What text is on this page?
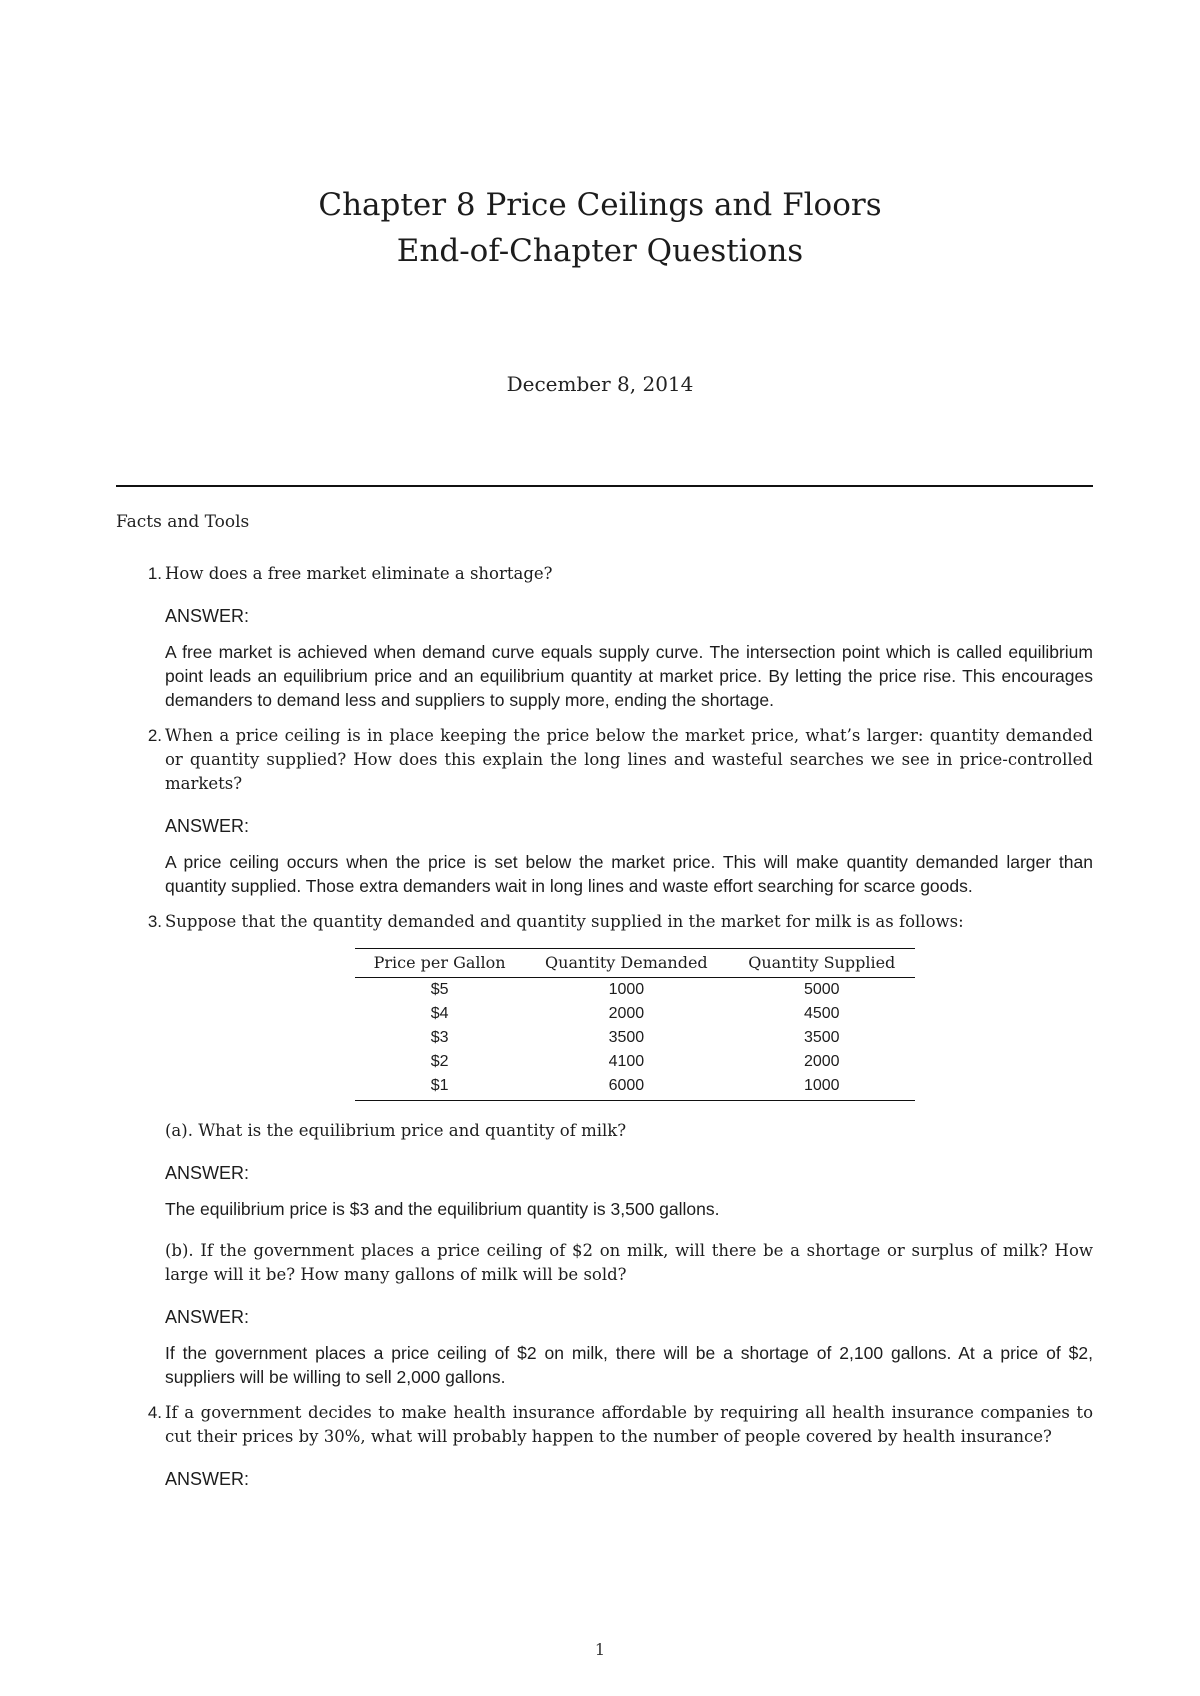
Chapter 8 Price Ceilings and Floors
End-of-Chapter Questions
December 8, 2014
Facts and Tools
1. How does a free market eliminate a shortage?
ANSWER:
A free market is achieved when demand curve equals supply curve. The intersection point which is called equilibrium point leads an equilibrium price and an equilibrium quantity at market price. By letting the price rise. This encourages demanders to demand less and suppliers to supply more, ending the shortage.
2. When a price ceiling is in place keeping the price below the market price, what’s larger: quantity demanded or quantity supplied? How does this explain the long lines and wasteful searches we see in price-controlled markets?
ANSWER:
A price ceiling occurs when the price is set below the market price. This will make quantity demanded larger than quantity supplied. Those extra demanders wait in long lines and waste effort searching for scarce goods.
3. Suppose that the quantity demanded and quantity supplied in the market for milk is as follows:
Price per Gallon	Quantity Demanded	Quantity Supplied
$5	1000	5000
$4	2000	4500
$3	3500	3500
$2	4100	2000
$1	6000	1000
(a). What is the equilibrium price and quantity of milk?
ANSWER:
The equilibrium price is $3 and the equilibrium quantity is 3,500 gallons.
(b). If the government places a price ceiling of $2 on milk, will there be a shortage or surplus of milk? How large will it be? How many gallons of milk will be sold?
ANSWER:
If the government places a price ceiling of $2 on milk, there will be a shortage of 2,100 gallons. At a price of $2, suppliers will be willing to sell 2,000 gallons.
4. If a government decides to make health insurance affordable by requiring all health insurance companies to cut their prices by 30%, what will probably happen to the number of people covered by health insurance?
ANSWER:
1
